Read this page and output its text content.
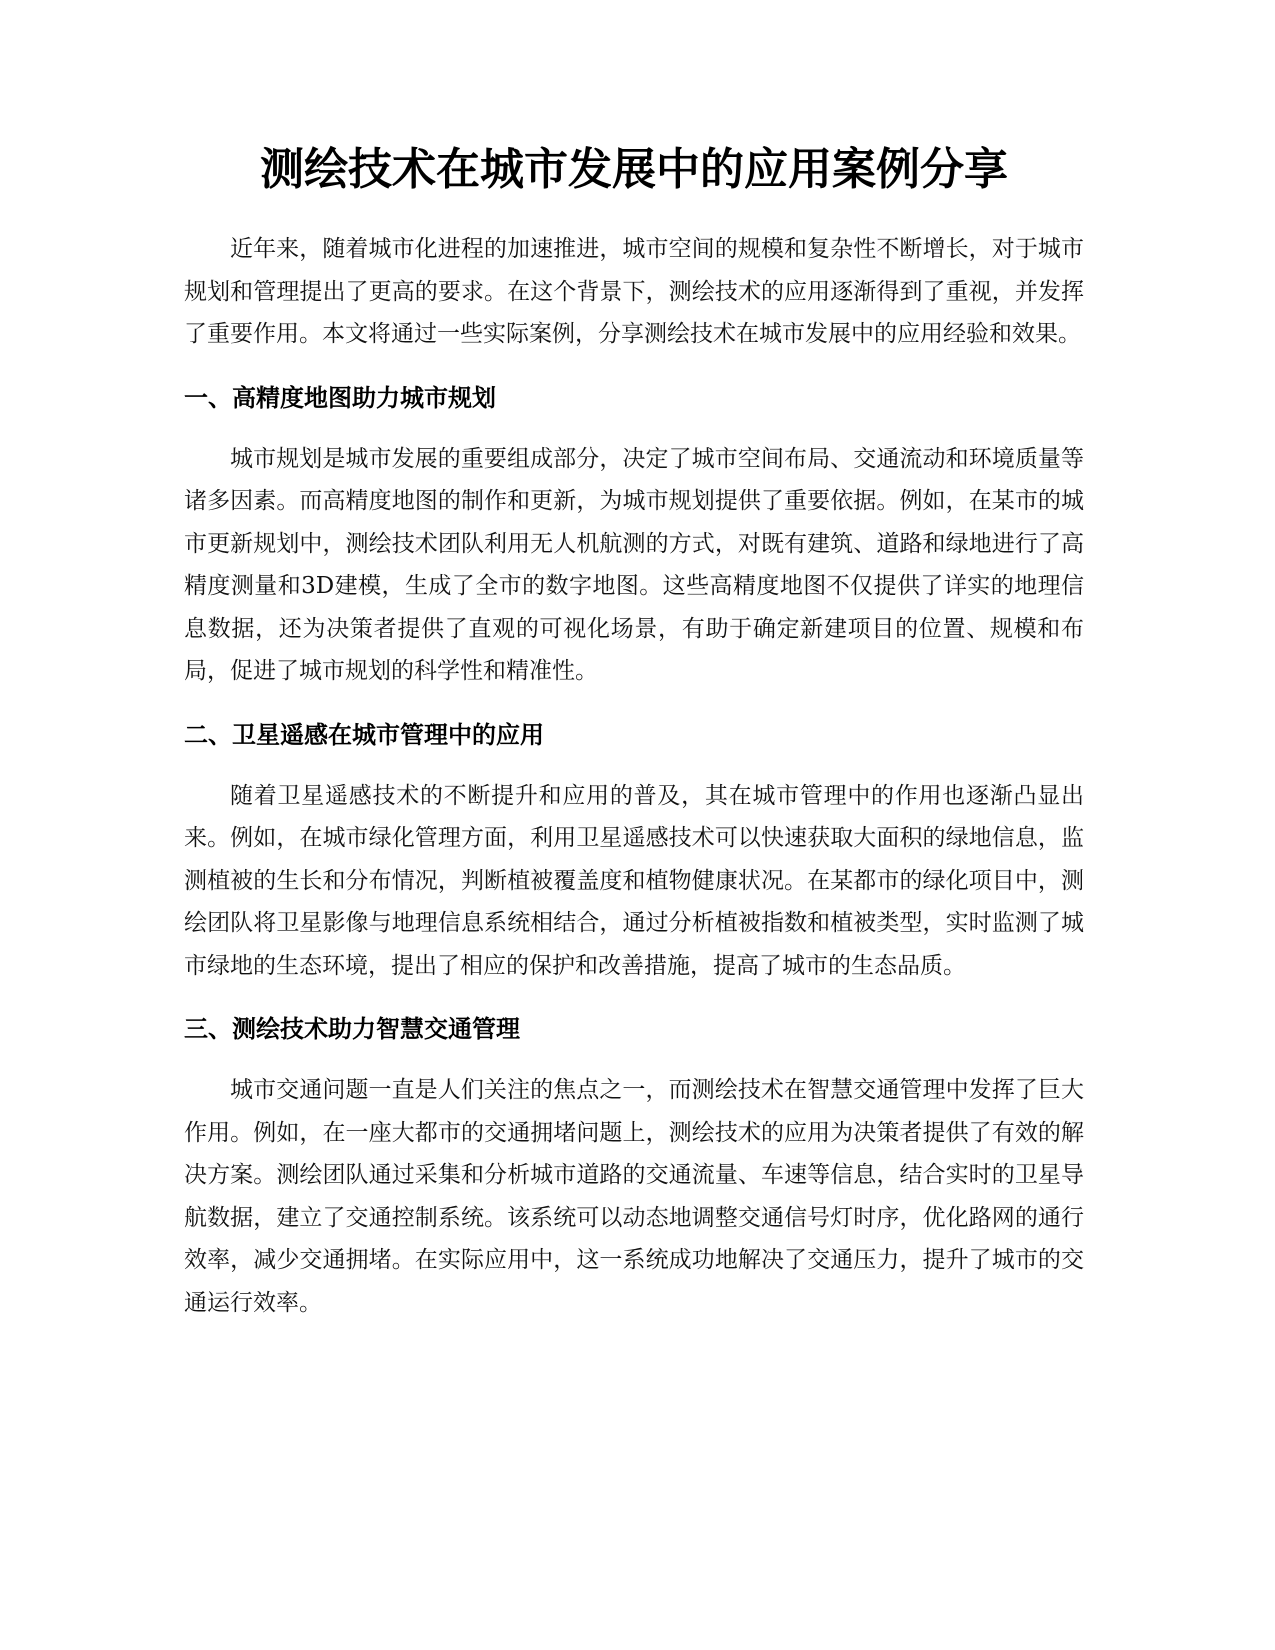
测绘技术在城市发展中的应用案例分享

近年来，随着城市化进程的加速推进，城市空间的规模和复杂性不断增长，对于城市规划和管理提出了更高的要求。在这个背景下，测绘技术的应用逐渐得到了重视，并发挥了重要作用。本文将通过一些实际案例，分享测绘技术在城市发展中的应用经验和效果。

一、高精度地图助力城市规划

城市规划是城市发展的重要组成部分，决定了城市空间布局、交通流动和环境质量等诸多因素。而高精度地图的制作和更新，为城市规划提供了重要依据。例如，在某市的城市更新规划中，测绘技术团队利用无人机航测的方式，对既有建筑、道路和绿地进行了高精度测量和3D建模，生成了全市的数字地图。这些高精度地图不仅提供了详实的地理信息数据，还为决策者提供了直观的可视化场景，有助于确定新建项目的位置、规模和布局，促进了城市规划的科学性和精准性。

二、卫星遥感在城市管理中的应用

随着卫星遥感技术的不断提升和应用的普及，其在城市管理中的作用也逐渐凸显出来。例如，在城市绿化管理方面，利用卫星遥感技术可以快速获取大面积的绿地信息，监测植被的生长和分布情况，判断植被覆盖度和植物健康状况。在某都市的绿化项目中，测绘团队将卫星影像与地理信息系统相结合，通过分析植被指数和植被类型，实时监测了城市绿地的生态环境，提出了相应的保护和改善措施，提高了城市的生态品质。

三、测绘技术助力智慧交通管理

城市交通问题一直是人们关注的焦点之一，而测绘技术在智慧交通管理中发挥了巨大作用。例如，在一座大都市的交通拥堵问题上，测绘技术的应用为决策者提供了有效的解决方案。测绘团队通过采集和分析城市道路的交通流量、车速等信息，结合实时的卫星导航数据，建立了交通控制系统。该系统可以动态地调整交通信号灯时序，优化路网的通行效率，减少交通拥堵。在实际应用中，这一系统成功地解决了交通压力，提升了城市的交通运行效率。
